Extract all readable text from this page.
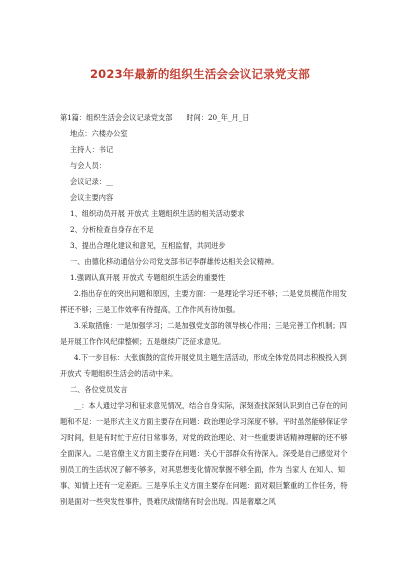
2023年最新的组织生活会会议记录党支部
第1篇：组织生活会会议记录党支部 时间：20_年_月_日
地点：六楼办公室
主持人：书记
与会人员：
会议记录：__
会议主要内容
1、组织动员开展 开放式 主题组织生活的相关活动要求
2、分析检查自身存在不足
3、提出合理化建议和意见，互相监督，共同进步
一、由德化移动通信分公司党支部书记李群雄传达相关会议精神。
1.强调认真开展 开放式 专题组织生活会的重要性
2.指出存在的突出问题和原因，主要方面：一是理论学习还不够；二是党员模范作用发挥还不够；三是工作效率有待提高，工作作风有待加强。
3.采取措施：一是加强学习；二是加强党支部的领导核心作用；三是完善工作机制；四是开展工作作风纪律整顿；五是继续广泛征求意见。
4.下一步目标：大张旗鼓的宣传开展党员主题生活活动，形成全体党员同志积极投入到 开放式 专题组织生活会的活动中来。
二、各位党员发言
__：本人通过学习和征求意见情况，结合自身实际，深刻查找深刻认识到自己存在的问题和不足：一是形式主义方面主要存在问题：政治理论学习深度不够。平时虽然能够保证学习时间，但是有时忙于应付日常事务，对党的政治理论、对一些重要讲话精神理解的还不够全面深入。二是官僚主义方面主要存在问题：关心干部群众有待深入。深受是自己感觉对个别员工的生活状况了解不够多，对其思想变化情况掌握不够全面，作为 当家人 在知人、知事、知情上还有一定差距。三是享乐主义方面主要存在问题：面对艰巨繁重的工作任务，特别是面对一些突发性事件，畏难厌战情绪有时会出现。四是奢靡之风
